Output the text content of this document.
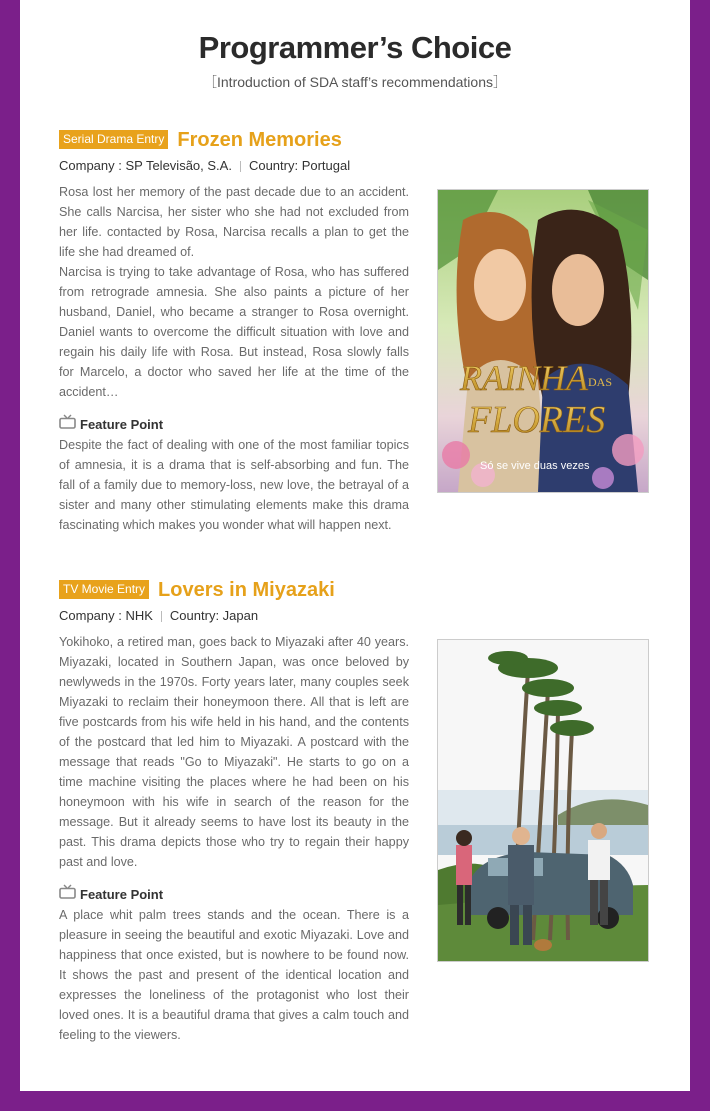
Programmer’s Choice
［Introduction of SDA staff’s recommendations］
Serial Drama Entry Frozen Memories
Company : SP Televisão, S.A. Country: Portugal

Rosa lost her memory of the past decade due to an accident. She calls Narcisa, her sister who she had not excluded from her life. contacted by Rosa, Narcisa recalls a plan to get the life she had dreamed of.

Narcisa is trying to take advantage of Rosa, who has suffered from retrograde amnesia. She also paints a picture of her husband, Daniel, who became a stranger to Rosa overnight. Daniel wants to overcome the difficult situation with love and regain his daily life with Rosa. But instead, Rosa slowly falls for Marcelo, a doctor who saved her life at the time of the accident…

Feature Point

Despite the fact of dealing with one of the most familiar topics of amnesia, it is a drama that is self-absorbing and fun. The fall of a family due to memory-loss, new love, the betrayal of a sister and many other stimulating elements make this drama fascinating which makes you wonder what will happen next.

RAINHA DAS
FLORES
Só se vive duas vezes
TV Movie Entry Lovers in Miyazaki
Company : NHK Country: Japan

Yokihoko, a retired man, goes back to Miyazaki after 40 years. Miyazaki, located in Southern Japan, was once beloved by newlyweds in the 1970s. Forty years later, many couples seek Miyazaki to reclaim their honeymoon there. All that is left are five postcards from his wife held in his hand, and the contents of the postcard that led him to Miyazaki. A postcard with the message that reads "Go to Miyazaki". He starts to go on a time machine visiting the places where he had been on his honeymoon with his wife in search of the reason for the message. But it already seems to have lost its beauty in the past. This drama depicts those who try to regain their happy past and love.

Feature Point

A place whit palm trees stands and the ocean. There is a pleasure in seeing the beautiful and exotic Miyazaki. Love and happiness that once existed, but is nowhere to be found now. It shows the past and present of the identical location and expresses the loneliness of the protagonist who lost their loved ones. It is a beautiful drama that gives a calm touch and feeling to the viewers.
